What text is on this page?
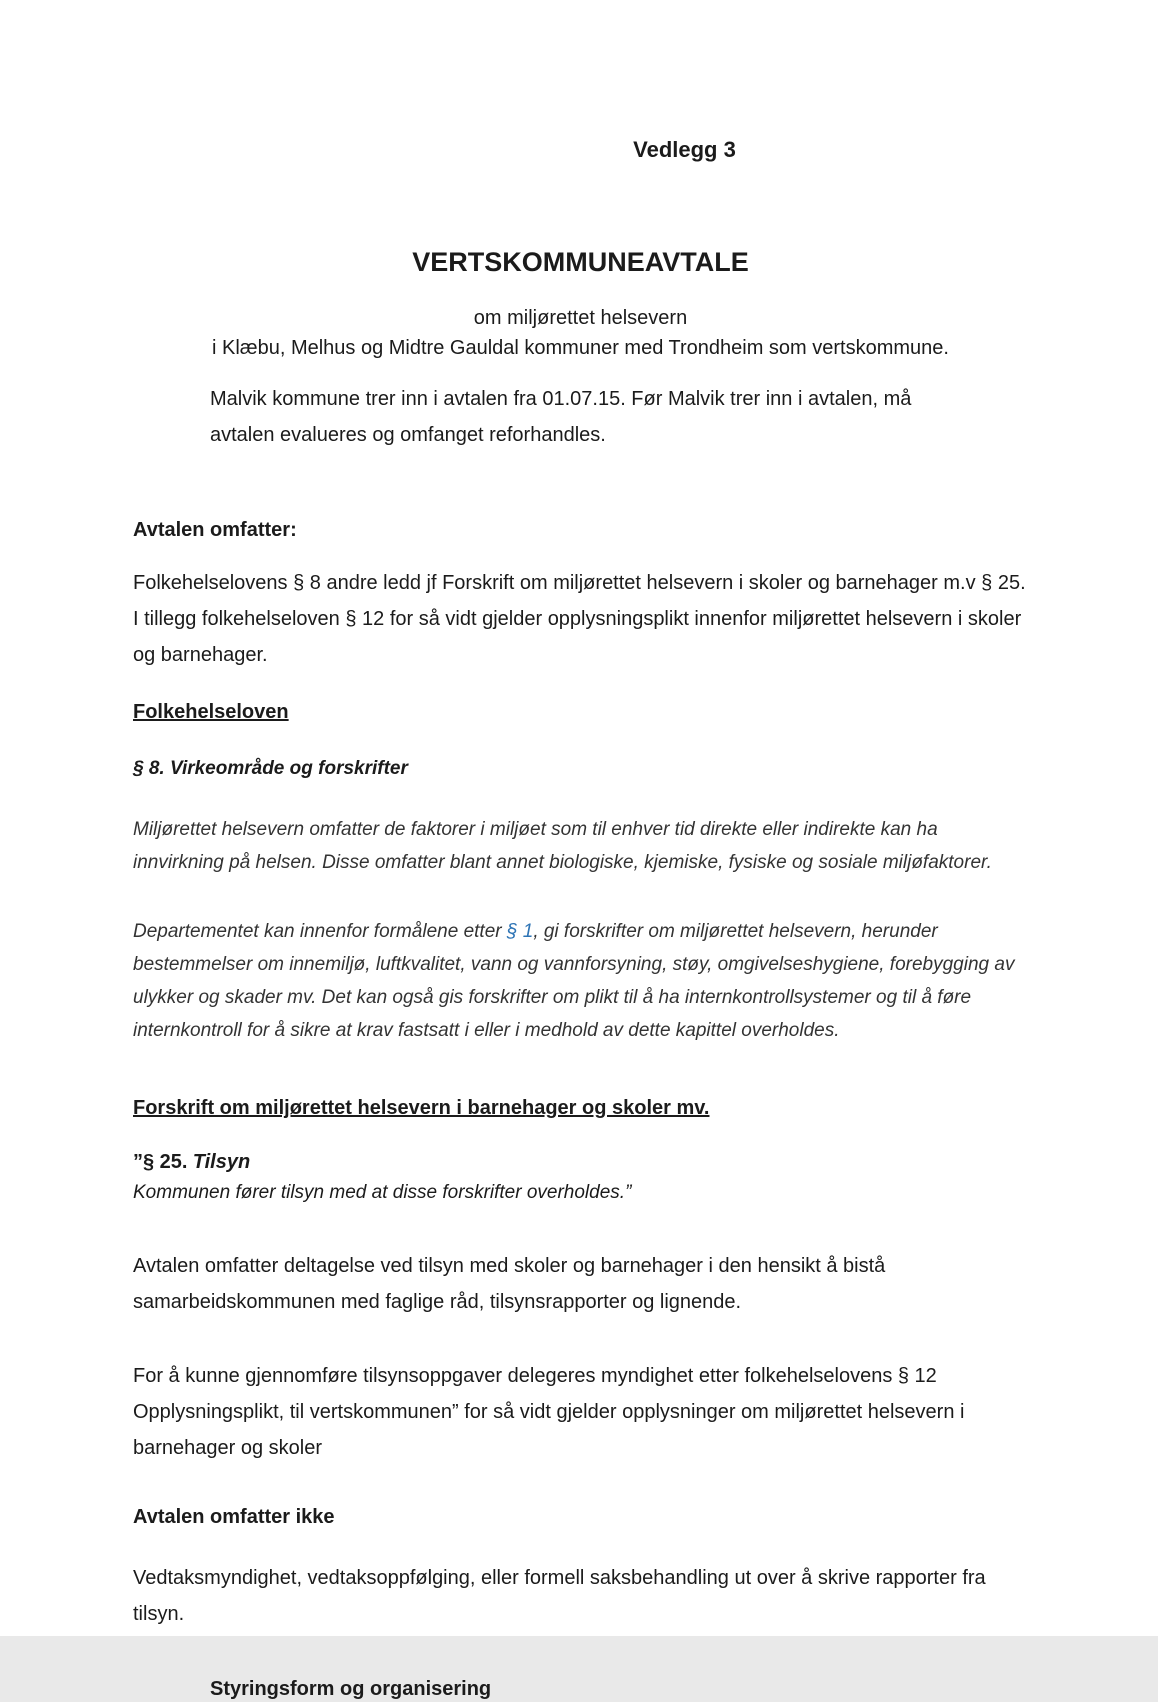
Vedlegg 3
VERTSKOMMUNEAVTALE
om miljørettet helsevern
i Klæbu, Melhus og Midtre Gauldal kommuner med Trondheim som vertskommune.

Malvik kommune trer inn i avtalen fra 01.07.15. Før Malvik trer inn i avtalen, må avtalen evalueres og omfanget reforhandles.

Avtalen omfatter:

Folkehelselovens § 8 andre ledd jf Forskrift om miljørettet helsevern i skoler og barnehager m.v § 25. I tillegg folkehelseloven § 12 for så vidt gjelder opplysningsplikt innenfor miljørettet helsevern i skoler og barnehager.

Folkehelseloven
§ 8. Virkeområde og forskrifter

Miljørettet helsevern omfatter de faktorer i miljøet som til enhver tid direkte eller indirekte kan ha innvirkning på helsen. Disse omfatter blant annet biologiske, kjemiske, fysiske og sosiale miljøfaktorer.

Departementet kan innenfor formålene etter § 1, gi forskrifter om miljørettet helsevern, herunder bestemmelser om innemiljø, luftkvalitet, vann og vannforsyning, støy, omgivelseshygiene, forebygging av ulykker og skader mv. Det kan også gis forskrifter om plikt til å ha internkontrollsystemer og til å føre internkontroll for å sikre at krav fastsatt i eller i medhold av dette kapittel overholdes.

Forskrift om miljørettet helsevern i barnehager og skoler mv.
”§ 25. Tilsyn
Kommunen fører tilsyn med at disse forskrifter overholdes.”

Avtalen omfatter deltagelse ved tilsyn med skoler og barnehager i den hensikt å bistå samarbeidskommunen med faglige råd, tilsynsrapporter og lignende.

For å kunne gjennomføre tilsynsoppgaver delegeres myndighet etter folkehelselovens § 12 Opplysningsplikt, til vertskommunen” for så vidt gjelder opplysninger om miljørettet helsevern i barnehager og skoler

Avtalen omfatter ikke

Vedtaksmyndighet, vedtaksoppfølging, eller formell saksbehandling ut over å skrive rapporter fra tilsyn.

Styringsform og organisering
